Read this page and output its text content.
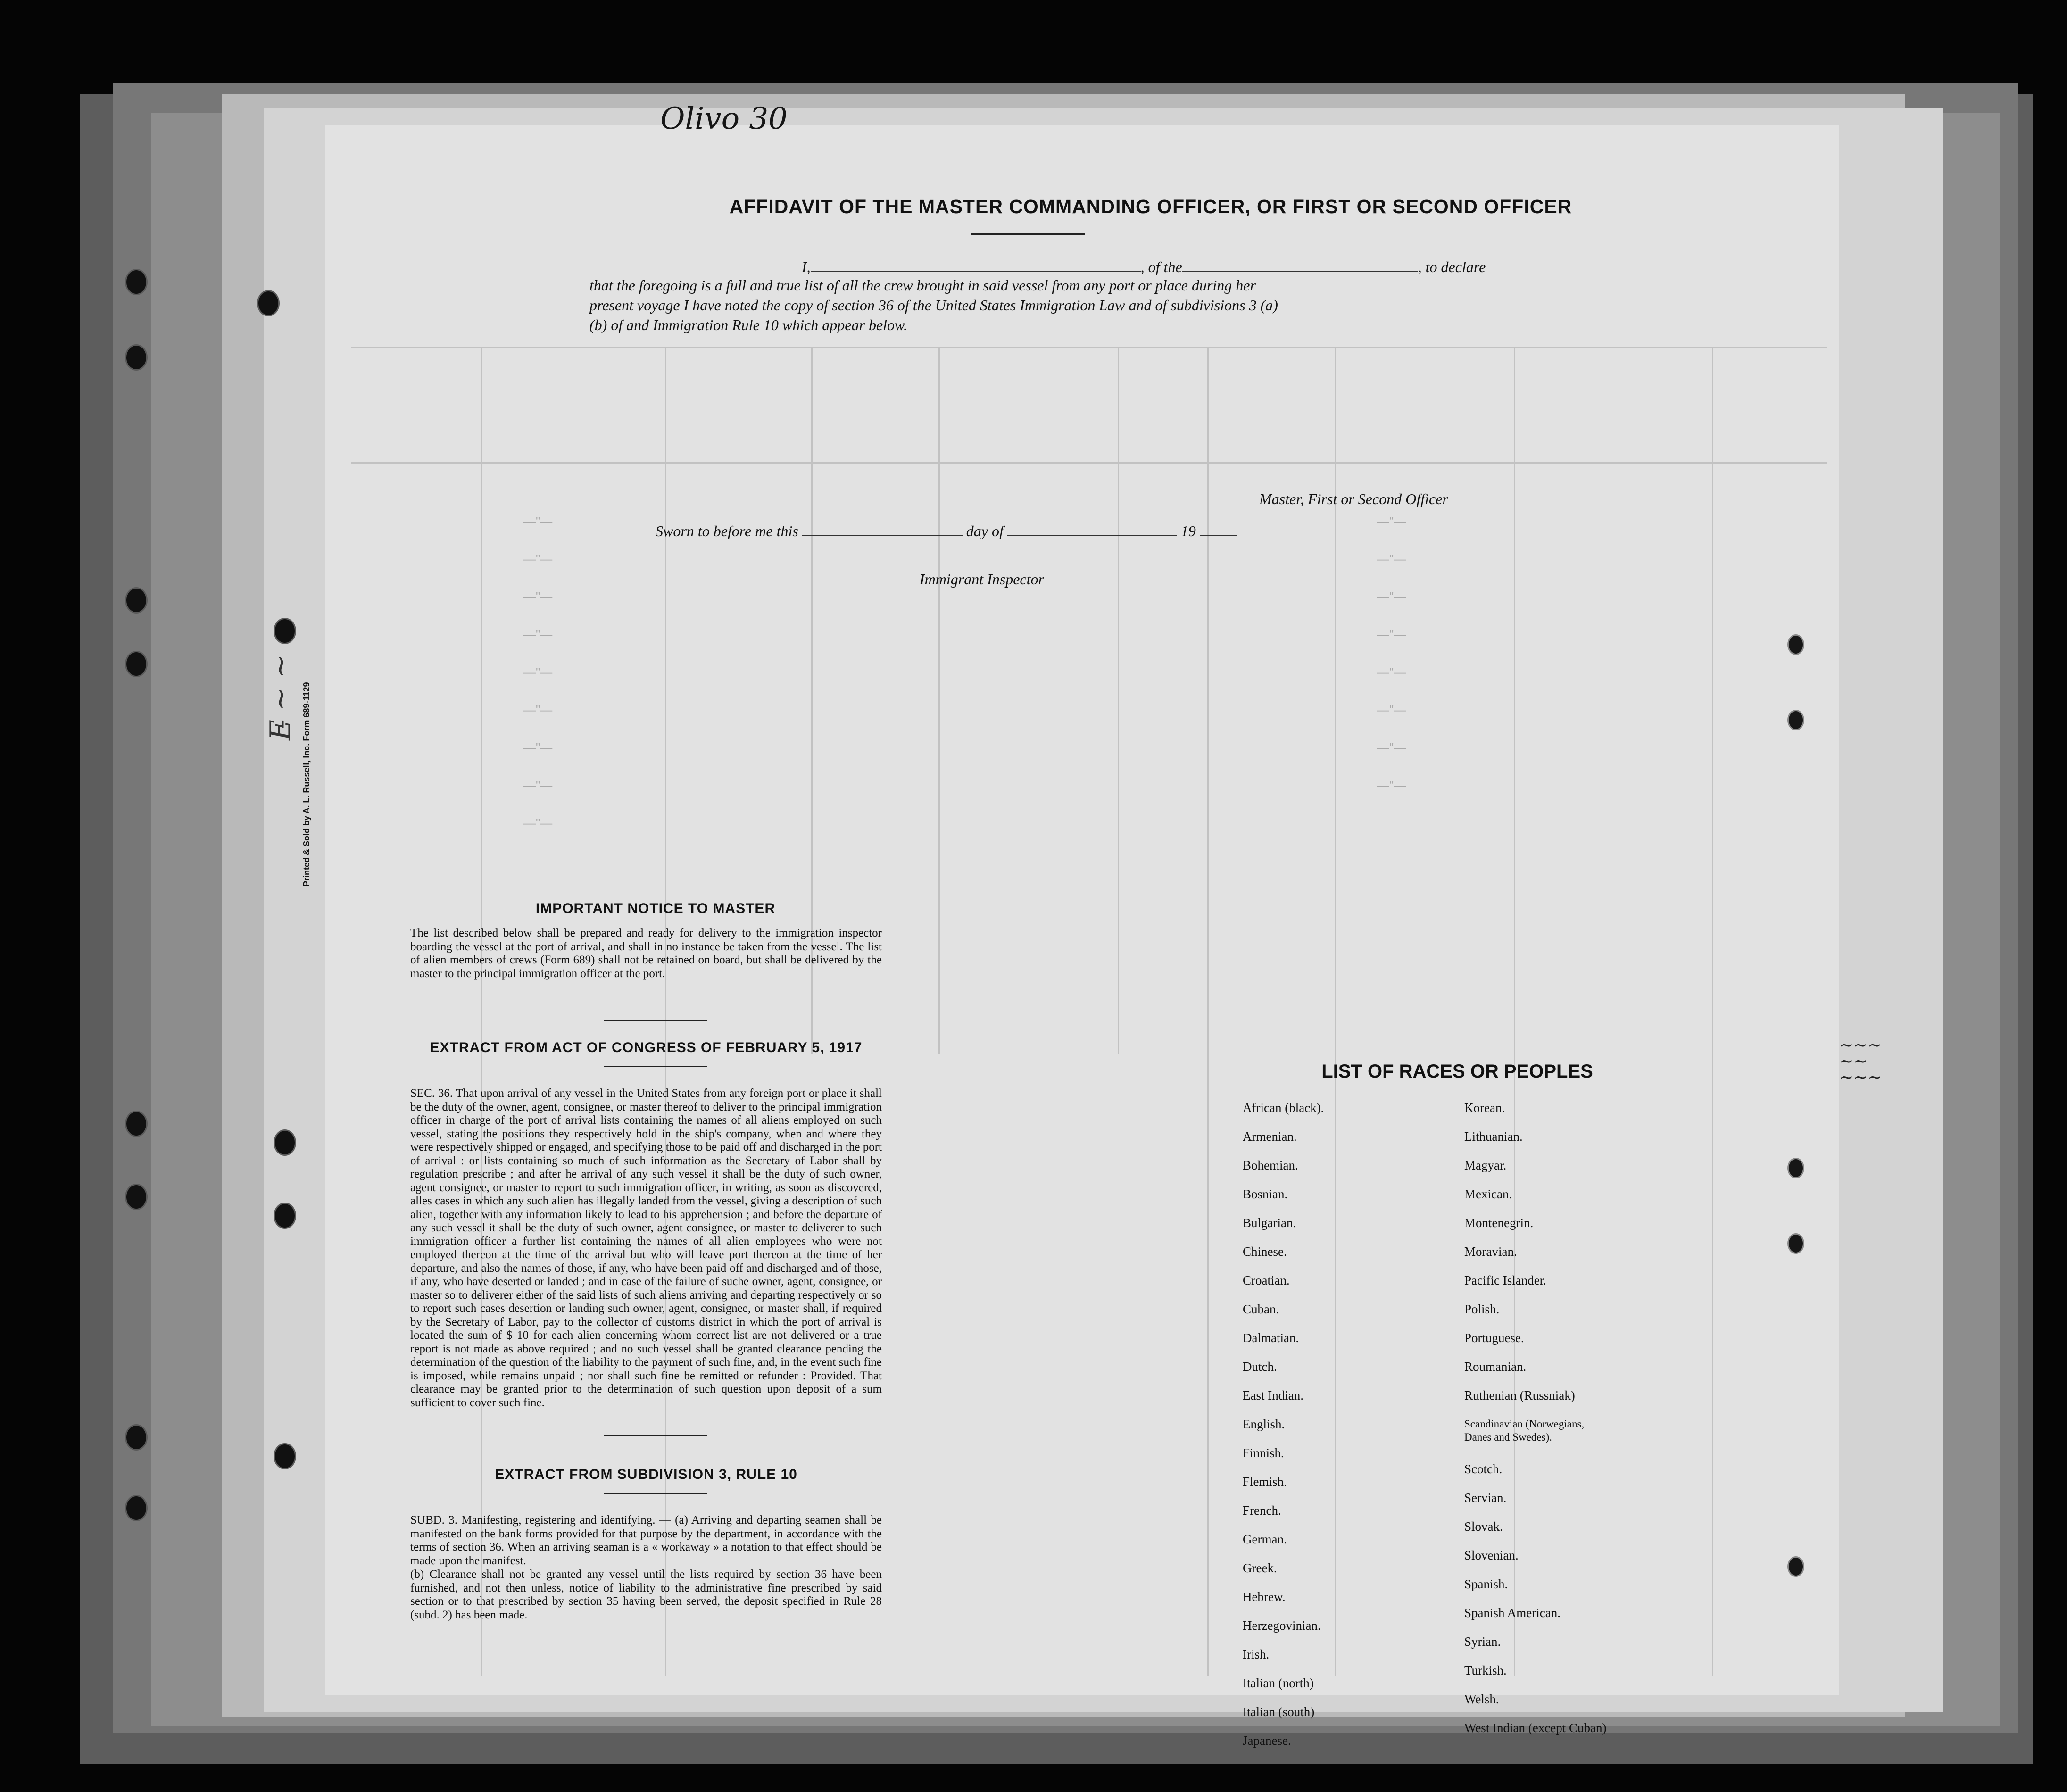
Printed & Sold by A. L. Russell, Inc. Form 689-1129
E̵ ~ ~
—"—
—"—
—"—
—"—
—"—
—"—
—"—
—"—
—"—
—"—
—"—
—"—
—"—
—"—
—"—
—"—
—"—
Olivo 30
AFFIDAVIT OF THE MASTER COMMANDING OFFICER, OR FIRST OR SECOND OFFICER
I,	, of the	, to declare
that the foregoing is a full and true list of all the crew brought in said vessel from any port or place during her
present voyage I have noted the copy of section 36 of the United States Immigration Law and of subdivisions 3 (a)
(b) of and Immigration Rule 10 which appear below.
Master, First or Second Officer
Sworn to before me this	day of	19
Immigrant Inspector
IMPORTANT NOTICE TO MASTER
The list described below shall be prepared and ready for delivery to the immigration inspector boarding the vessel at the port of arrival, and shall in no instance be taken from the vessel. The list of alien members of crews (Form 689) shall not be retained on board, but shall be delivered by the master to the principal immigration officer at the port.
EXTRACT FROM ACT OF CONGRESS OF FEBRUARY 5, 1917
SEC. 36. That upon arrival of any vessel in the United States from any foreign port or place it shall be the duty of the owner, agent, consignee, or master thereof to deliver to the principal immigration officer in charge of the port of arrival lists containing the names of all aliens employed on such vessel, stating the positions they respectively hold in the ship's company, when and where they were respectively shipped or engaged, and specifying those to be paid off and discharged in the port of arrival : or lists containing so much of such information as the Secretary of Labor shall by regulation prescribe ; and after he arrival of any such vessel it shall be the duty of such owner, agent consignee, or master to report to such immigration officer, in writing, as soon as discovered, alles cases in which any such alien has illegally landed from the vessel, giving a description of such alien, together with any information likely to lead to his apprehension ; and before the departure of any such vessel it shall be the duty of such owner, agent consignee, or master to deliverer to such immigration officer a further list containing the names of all alien employees who were not employed thereon at the time of the arrival but who will leave port thereon at the time of her departure, and also the names of those, if any, who have been paid off and discharged and of those, if any, who have deserted or landed ; and in case of the failure of suche owner, agent, consignee, or master so to deliverer either of the said lists of such aliens arriving and departing respectively or so to report such cases desertion or landing such owner, agent, consignee, or master shall, if required by the Secretary of Labor, pay to the collector of customs district in which the port of arrival is located the sum of $ 10 for each alien concerning whom correct list are not delivered or a true report is not made as above required ; and no such vessel shall be granted clearance pending the determination of the question of the liability to the payment of such fine, and, in the event such fine is imposed, while remains unpaid ; nor shall such fine be remitted or refunder : Provided. That clearance may be granted prior to the determination of such question upon deposit of a sum sufficient to cover such fine.
EXTRACT FROM SUBDIVISION 3, RULE 10
SUBD. 3. Manifesting, registering and identifying. — (a) Arriving and departing seamen shall be manifested on the bank forms provided for that purpose by the department, in accordance with the terms of section 36. When an arriving seaman is a « workaway » a notation to that effect should be made upon the manifest.
(b) Clearance shall not be granted any vessel until the lists required by section 36 have been furnished, and not then unless, notice of liability to the administrative fine prescribed by said section or to that prescribed by section 35 having been served, the deposit specified in Rule 28 (subd. 2) has been made.
LIST OF RACES OR PEOPLES
African (black).
Armenian.
Bohemian.
Bosnian.
Bulgarian.
Chinese.
Croatian.
Cuban.
Dalmatian.
Dutch.
East Indian.
English.
Finnish.
Flemish.
French.
German.
Greek.
Hebrew.
Herzegovinian.
Irish.
Italian (north)
Italian (south)
Japanese.
Korean.
Lithuanian.
Magyar.
Mexican.
Montenegrin.
Moravian.
Pacific Islander.
Polish.
Portuguese.
Roumanian.
Ruthenian (Russniak)
Scandinavian (Norwegians,
Danes and Swedes).
Scotch.
Servian.
Slovak.
Slovenian.
Spanish.
Spanish American.
Syrian.
Turkish.
Welsh.
West Indian (except Cuban)
~~~
~~
~~~
